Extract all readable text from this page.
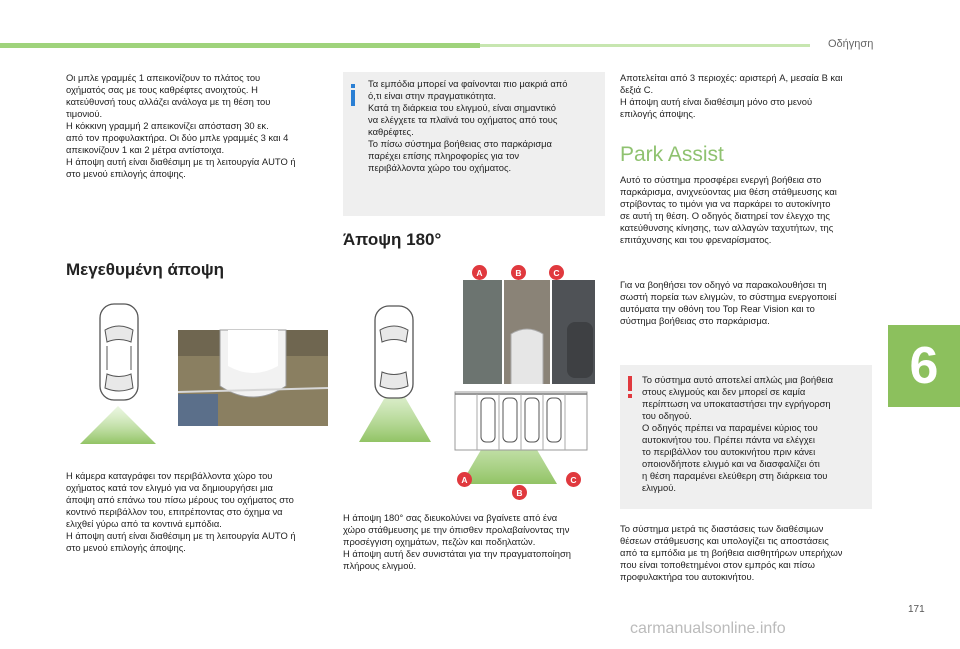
Οδήγηση
6
171
carmanualsonline.info

Οι μπλε γραμμές 1 απεικονίζουν το πλάτος του

οχήματός σας με τους καθρέφτες ανοιχτούς. Η

κατεύθυνσή τους αλλάζει ανάλογα με τη θέση του

τιμονιού.

Η κόκκινη γραμμή 2 απεικονίζει απόσταση 30 εκ.

από τον προφυλακτήρα. Οι δύο μπλε γραμμές 3 και 4

απεικονίζουν 1 και 2 μέτρα αντίστοιχα.

Η άποψη αυτή είναι διαθέσιμη με τη λειτουργία AUTO ή

στο μενού επιλογής άποψης.

Μεγεθυμένη άποψη

Η κάμερα καταγράφει τον περιβάλλοντα χώρο του

οχήματος κατά τον ελιγμό για να δημιουργήσει μια

άποψη από επάνω του πίσω μέρους του οχήματος στο

κοντινό περιβάλλον του, επιτρέποντας στο όχημα να

ελιχθεί γύρω από τα κοντινά εμπόδια.

Η άποψη αυτή είναι διαθέσιμη με τη λειτουργία AUTO ή

στο μενού επιλογής άποψης.

Τα εμπόδια μπορεί να φαίνονται πιο μακριά από

ό,τι είναι στην πραγματικότητα.

Κατά τη διάρκεια του ελιγμού, είναι σημαντικό

να ελέγχετε τα πλαϊνά του οχήματος από τους

καθρέφτες.

Το πίσω σύστημα βοήθειας στο παρκάρισμα

παρέχει επίσης πληροφορίες για τον

περιβάλλοντα χώρο του οχήματος.

Άποψη 180°
A	B	C
A
B
C

Η άποψη 180° σας διευκολύνει να βγαίνετε από ένα

χώρο στάθμευσης με την όπισθεν προλαβαίνοντας την

προσέγγιση οχημάτων, πεζών και ποδηλατών.

Η άποψη αυτή δεν συνιστάται για την πραγματοποίηση

πλήρους ελιγμού.

Αποτελείται από 3 περιοχές: αριστερή A, μεσαία B και

δεξιά C.

Η άποψη αυτή είναι διαθέσιμη μόνο στο μενού

επιλογής άποψης.

Park Assist

Αυτό το σύστημα προσφέρει ενεργή βοήθεια στο

παρκάρισμα, ανιχνεύοντας μια θέση στάθμευσης και

στρίβοντας το τιμόνι για να παρκάρει το αυτοκίνητο

σε αυτή τη θέση. Ο οδηγός διατηρεί τον έλεγχο της

κατεύθυνσης κίνησης, των αλλαγών ταχυτήτων, της

επιτάχυνσης και του φρεναρίσματος.

Για να βοηθήσει τον οδηγό να παρακολουθήσει τη

σωστή πορεία των ελιγμών, το σύστημα ενεργοποιεί

αυτόματα την οθόνη του Top Rear Vision και το

σύστημα βοήθειας στο παρκάρισμα.

Το σύστημα αυτό αποτελεί απλώς μια βοήθεια

στους ελιγμούς και δεν μπορεί σε καμία

περίπτωση να υποκαταστήσει την εγρήγορση

του οδηγού.

Ο οδηγός πρέπει να παραμένει κύριος του

αυτοκινήτου του. Πρέπει πάντα να ελέγχει

το περιβάλλον του αυτοκινήτου πριν κάνει

οποιονδήποτε ελιγμό και να διασφαλίζει ότι

η θέση παραμένει ελεύθερη στη διάρκεια του

ελιγμού.

Το σύστημα μετρά τις διαστάσεις των διαθέσιμων

θέσεων στάθμευσης και υπολογίζει τις αποστάσεις

από τα εμπόδια με τη βοήθεια αισθητήρων υπερήχων

που είναι τοποθετημένοι στον εμπρός και πίσω

προφυλακτήρα του αυτοκινήτου.
